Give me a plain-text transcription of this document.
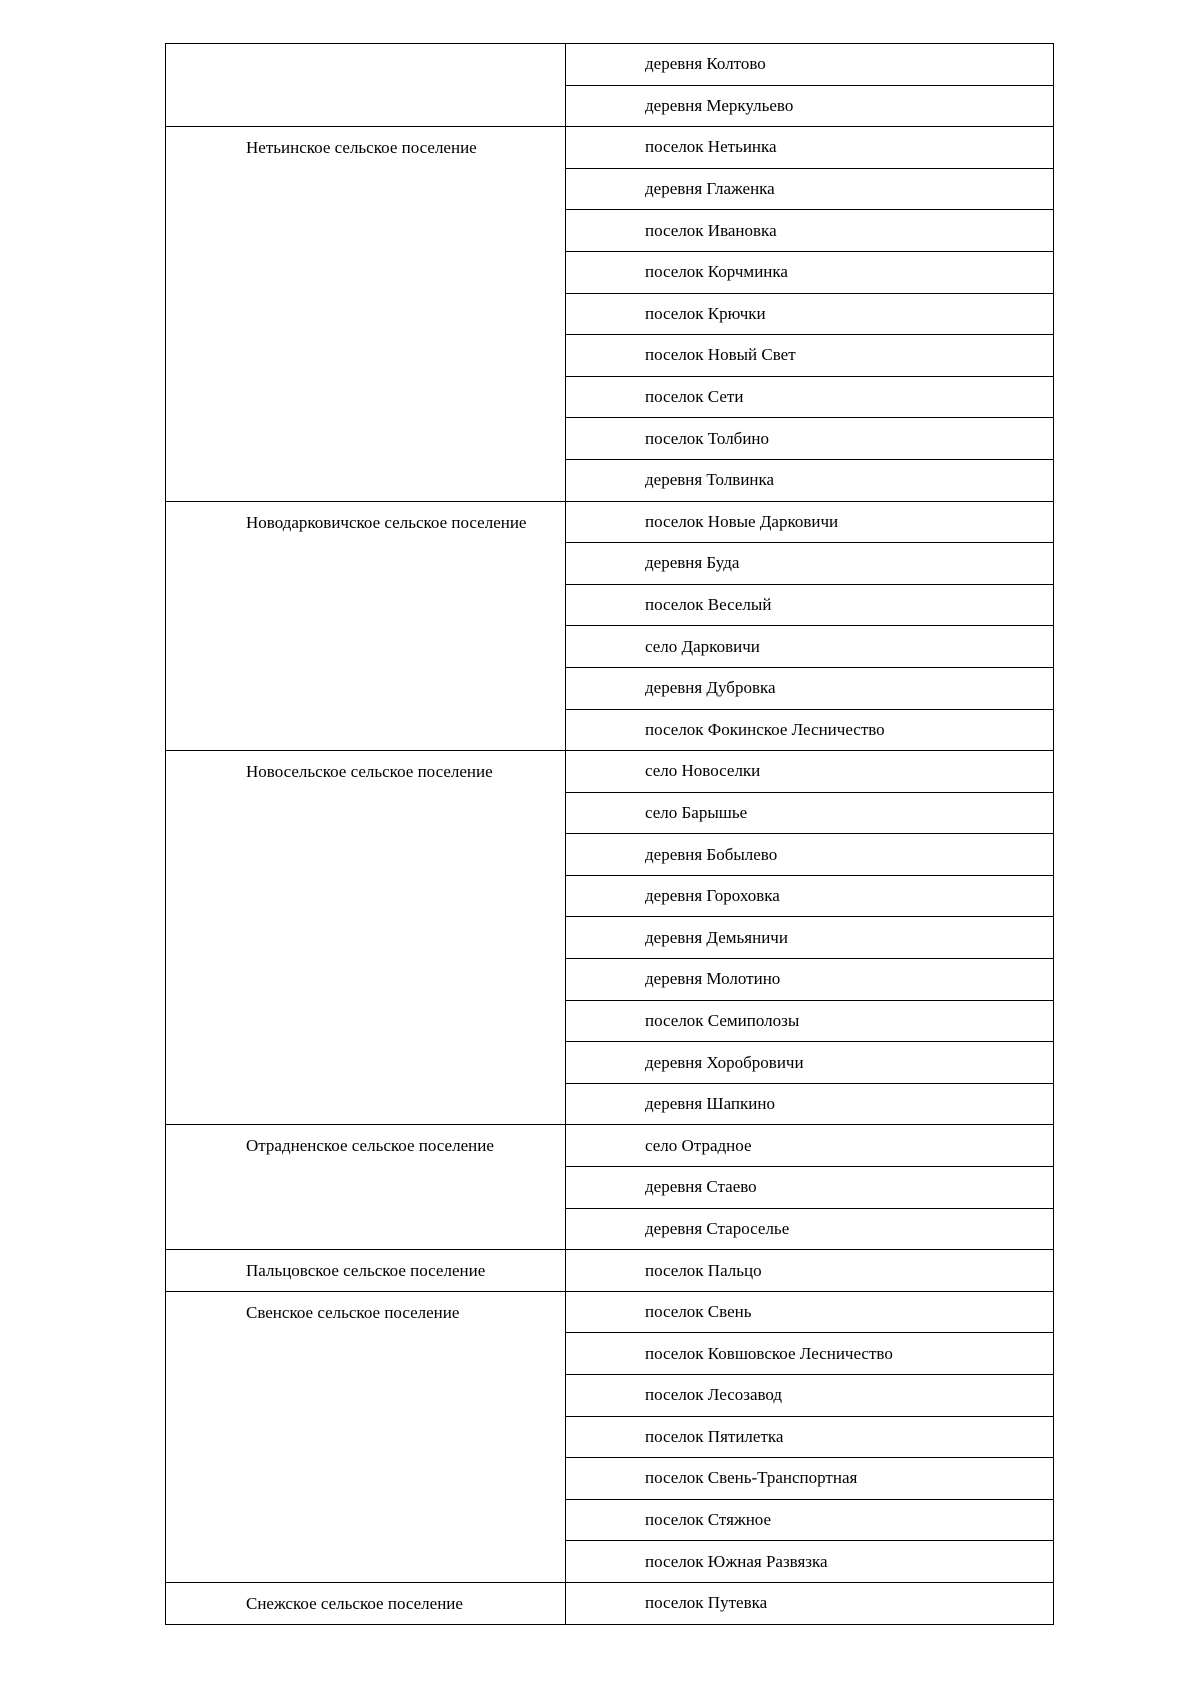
	деревня Колтово
	деревня Меркульево
Нетьинское сельское поселение	поселок Нетьинка
	деревня Глаженка
	поселок Ивановка
	поселок Корчминка
	поселок Крючки
	поселок Новый Свет
	поселок Сети
	поселок Толбино
	деревня Толвинка
Новодарковичское сельское поселение	поселок Новые Дарковичи
	деревня Буда
	поселок Веселый
	село Дарковичи
	деревня Дубровка
	поселок Фокинское Лесничество
Новосельское сельское поселение	село Новоселки
	село Барышье
	деревня Бобылево
	деревня Гороховка
	деревня Демьяничи
	деревня Молотино
	поселок Семиполозы
	деревня Хоробровичи
	деревня Шапкино
Отрадненское сельское поселение	село Отрадное
	деревня Стаево
	деревня Староселье
Пальцовское сельское поселение	поселок Пальцо
Свенское сельское поселение	поселок Свень
	поселок Ковшовское Лесничество
	поселок Лесозавод
	поселок Пятилетка
	поселок Свень-Транспортная
	поселок Стяжное
	поселок Южная Развязка
Снежское сельское поселение	поселок Путевка
